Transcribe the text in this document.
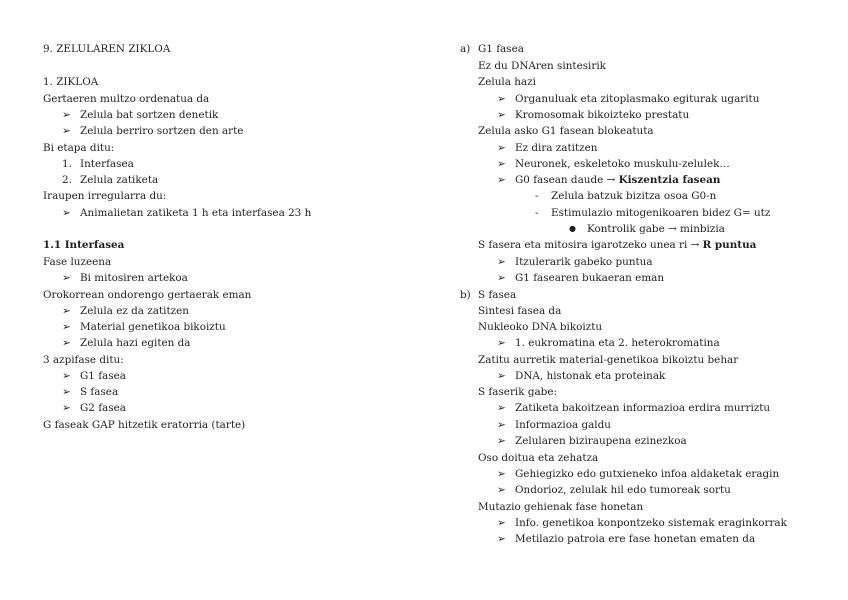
9. ZELULAREN ZIKLOA
1. ZIKLOA
Gertaeren multzo ordenatua da
➢ Zelula bat sortzen denetik
➢ Zelula berriro sortzen den arte
Bi etapa ditu:
1. Interfasea
2. Zelula zatiketa
Iraupen irregularra du:
➢ Animalietan zatiketa 1 h eta interfasea 23 h
1.1 Interfasea
Fase luzeena
➢ Bi mitosiren artekoa
Orokorrean ondorengo gertaerak eman
➢ Zelula ez da zatitzen
➢ Material genetikoa bikoiztu
➢ Zelula hazi egiten da
3 azpifase ditu:
➢ G1 fasea
➢ S fasea
➢ G2 fasea
G faseak GAP hitzetik eratorria (tarte)
a) G1 fasea
Ez du DNAren sintesirik
Zelula hazi
➢ Organuluak eta zitoplasmako egiturak ugaritu
➢ Kromosomak bikoizteko prestatu
Zelula asko G1 fasean blokeatuta
➢ Ez dira zatitzen
➢ Neuronek, eskeletoko muskulu-zelulek…
➢ G0 fasean daude → Kiszentzia fasean
- Zelula batzuk bizitza osoa G0-n
- Estimulazio mitogenikoaren bidez G= utz
● Kontrolik gabe → minbizia
S fasera eta mitosira igarotzeko unea ri → R puntua
➢ Itzulerarik gabeko puntua
➢ G1 fasearen bukaeran eman
b) S fasea
Sintesi fasea da
Nukleoko DNA bikoiztu
➢ 1. eukromatina eta 2. heterokromatina
Zatitu aurretik material-genetikoa bikoiztu behar
➢ DNA, histonak eta proteinak
S faserik gabe:
➢ Zatiketa bakoitzean informazioa erdira murriztu
➢ Informazioa galdu
➢ Zelularen biziraupena ezinezkoa
Oso doitua eta zehatza
➢ Gehiegizko edo gutxieneko infoa aldaketak eragin
➢ Ondorioz, zelulak hil edo tumoreak sortu
Mutazio gehienak fase honetan
➢ Info. genetikoa konpontzeko sistemak eraginkorrak
➢ Metilazio patroia ere fase honetan ematen da
